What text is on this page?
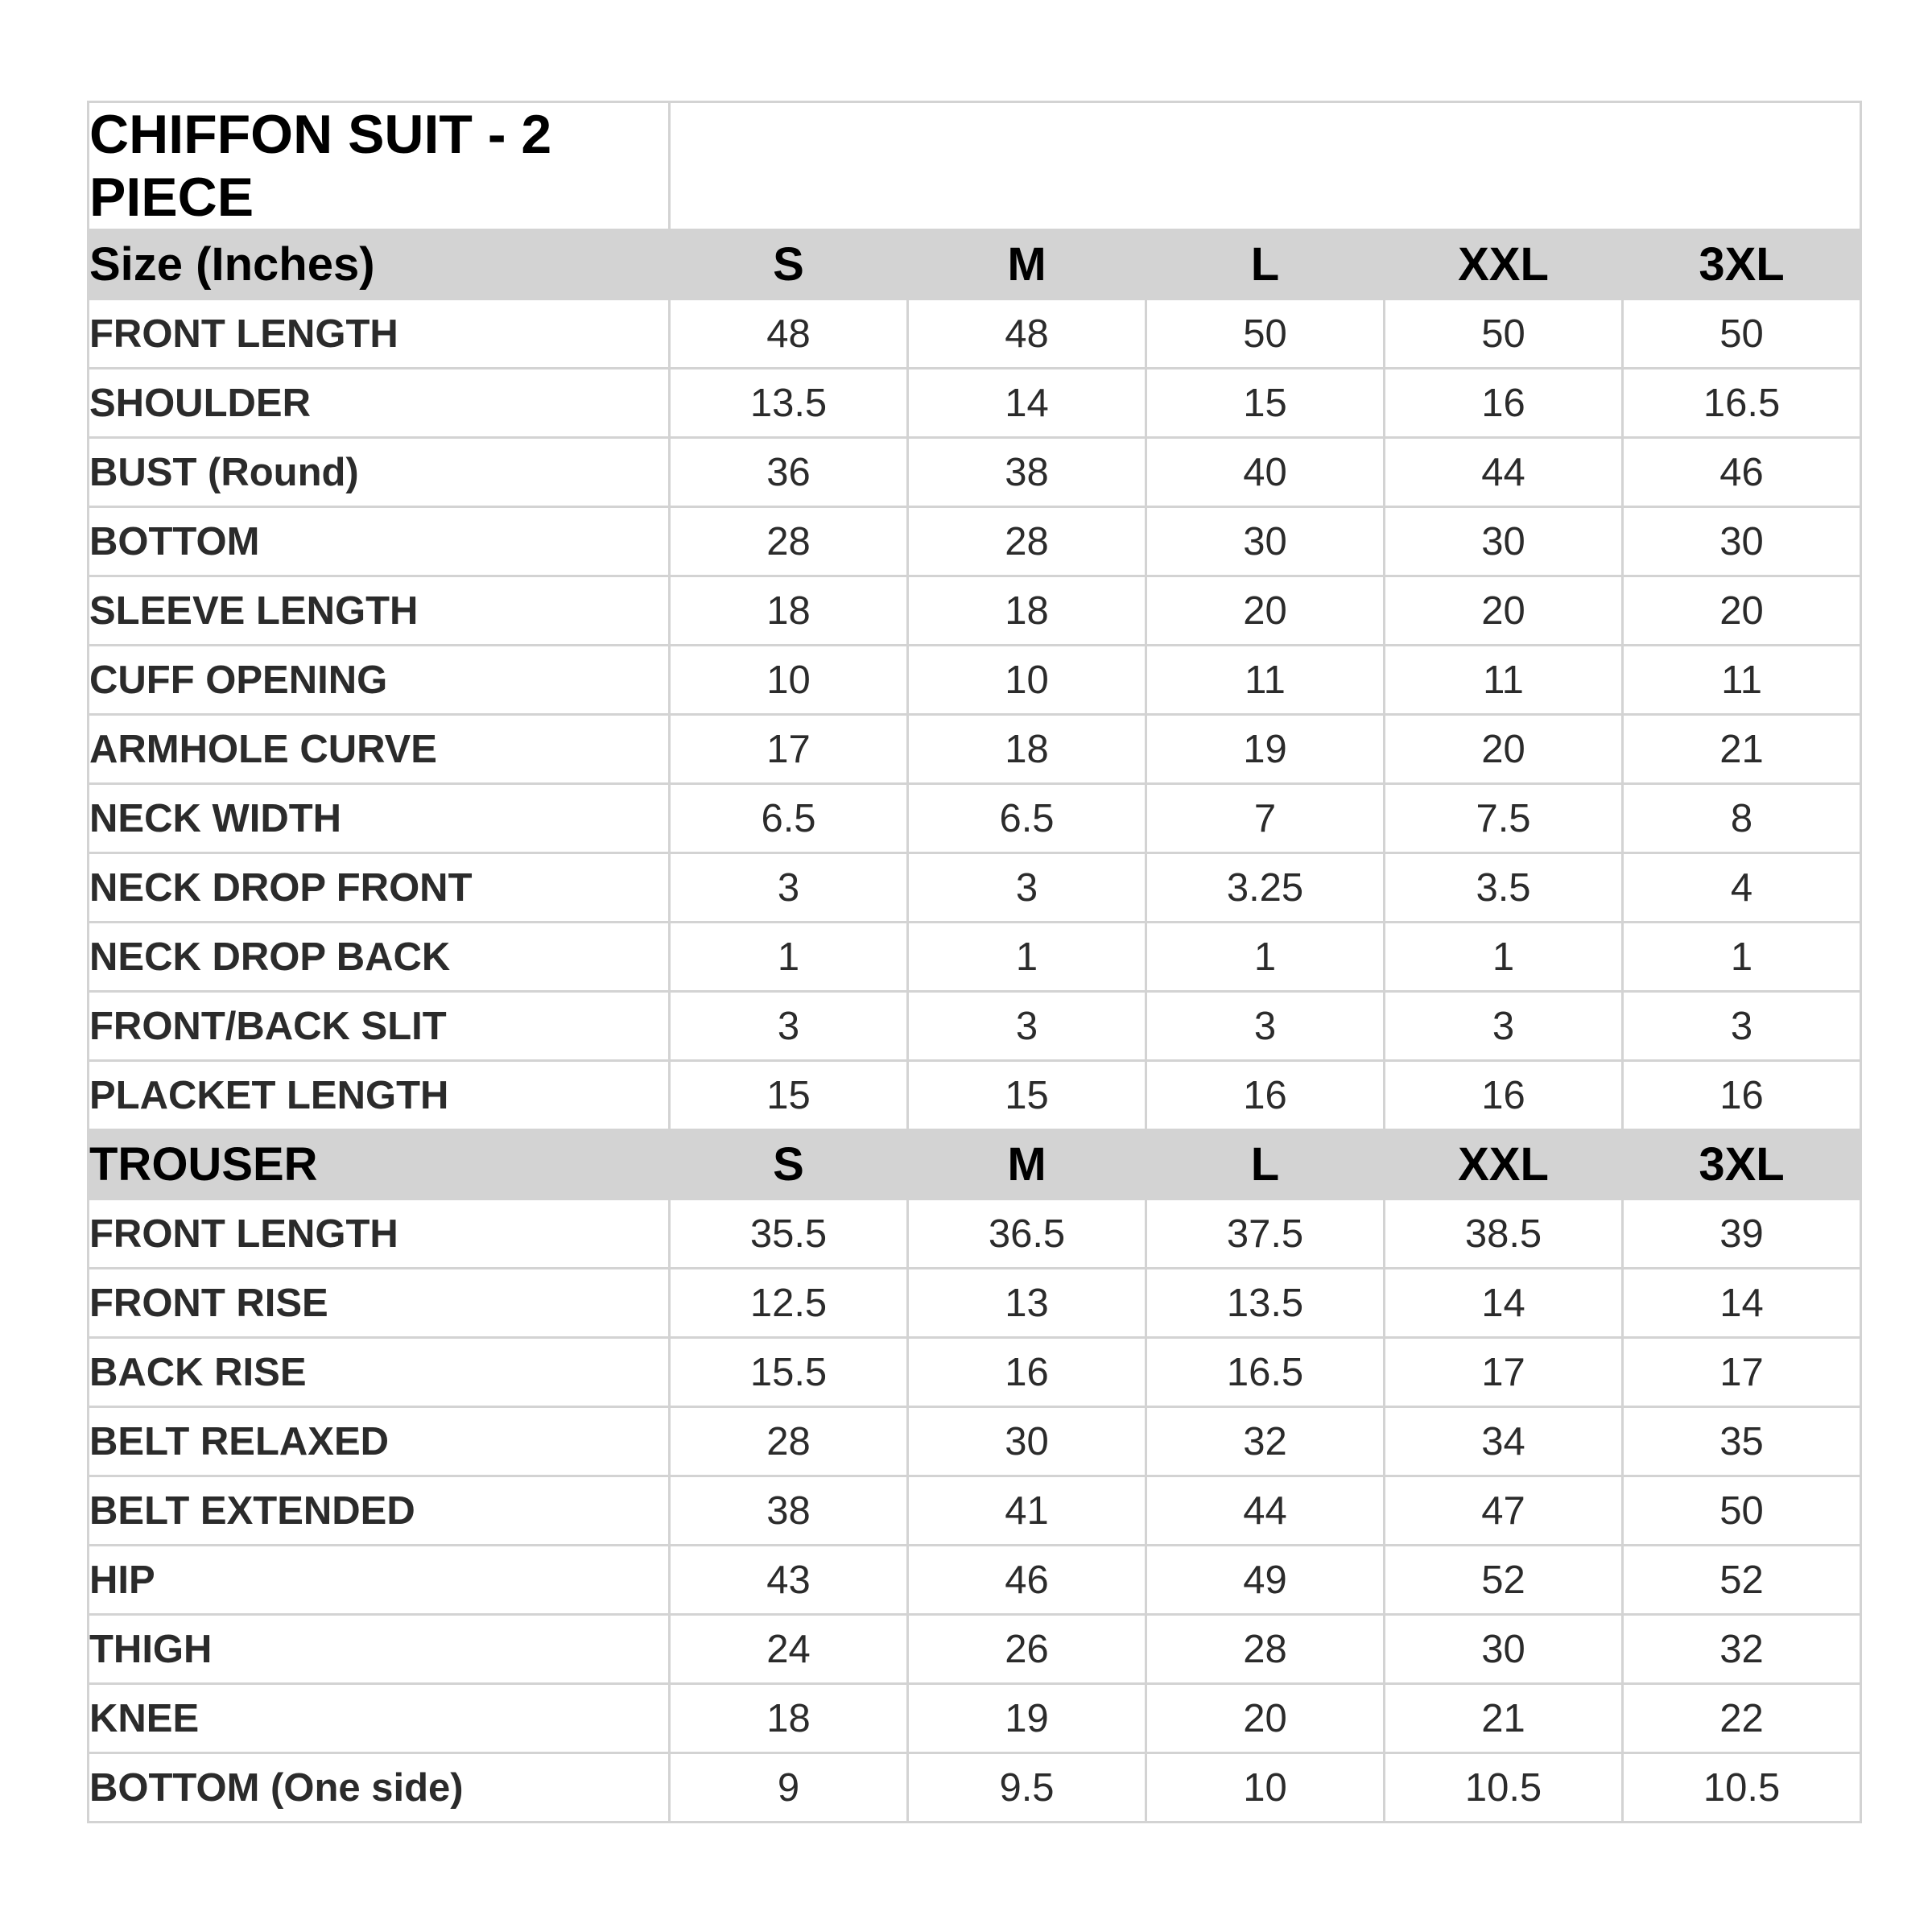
CHIFFON SUIT - 2 PIECE					
Size (Inches)	S	M	L	XXL	3XL
FRONT LENGTH	48	48	50	50	50
SHOULDER	13.5	14	15	16	16.5
BUST (Round)	36	38	40	44	46
BOTTOM	28	28	30	30	30
SLEEVE LENGTH	18	18	20	20	20
CUFF OPENING	10	10	11	11	11
ARMHOLE CURVE	17	18	19	20	21
NECK WIDTH	6.5	6.5	7	7.5	8
NECK DROP FRONT	3	3	3.25	3.5	4
NECK DROP BACK	1	1	1	1	1
FRONT/BACK SLIT	3	3	3	3	3
PLACKET LENGTH	15	15	16	16	16
TROUSER	S	M	L	XXL	3XL
FRONT LENGTH	35.5	36.5	37.5	38.5	39
FRONT RISE	12.5	13	13.5	14	14
BACK RISE	15.5	16	16.5	17	17
BELT RELAXED	28	30	32	34	35
BELT EXTENDED	38	41	44	47	50
HIP	43	46	49	52	52
THIGH	24	26	28	30	32
KNEE	18	19	20	21	22
BOTTOM (One side)	9	9.5	10	10.5	10.5
